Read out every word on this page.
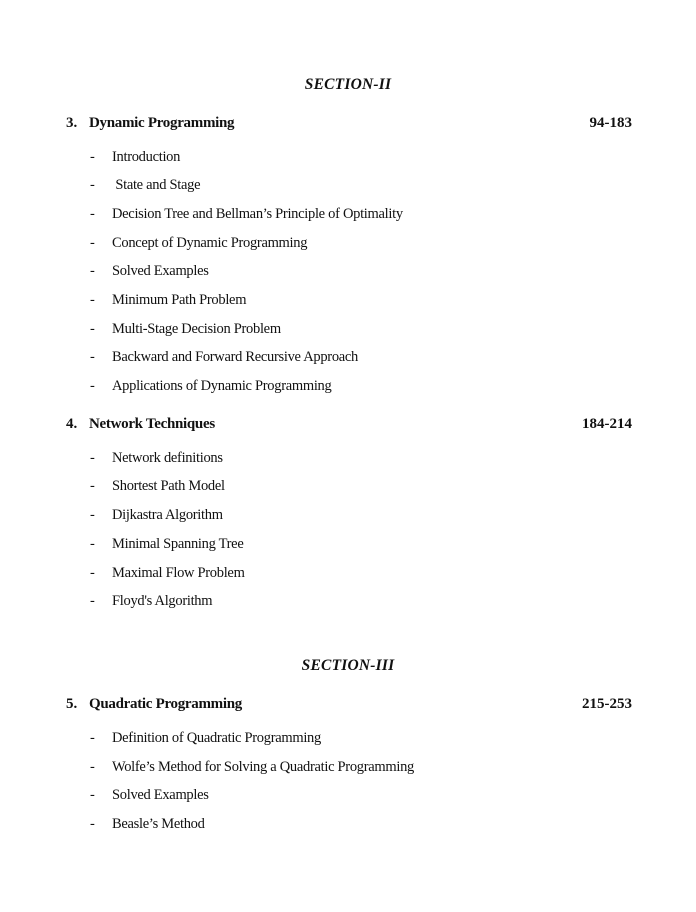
SECTION-II
3. Dynamic Programming	94-183
- Introduction
- State and Stage
- Decision Tree and Bellman’s Principle of Optimality
- Concept of Dynamic Programming
- Solved Examples
- Minimum Path Problem
- Multi-Stage Decision Problem
- Backward and Forward Recursive Approach
- Applications of Dynamic Programming
4. Network Techniques	184-214
- Network definitions
- Shortest Path Model
- Dijkastra Algorithm
- Minimal Spanning Tree
- Maximal Flow Problem
- Floyd's Algorithm
SECTION-III
5. Quadratic Programming	215-253
- Definition of Quadratic Programming
- Wolfe’s Method for Solving a Quadratic Programming
- Solved Examples
- Beasle’s Method
